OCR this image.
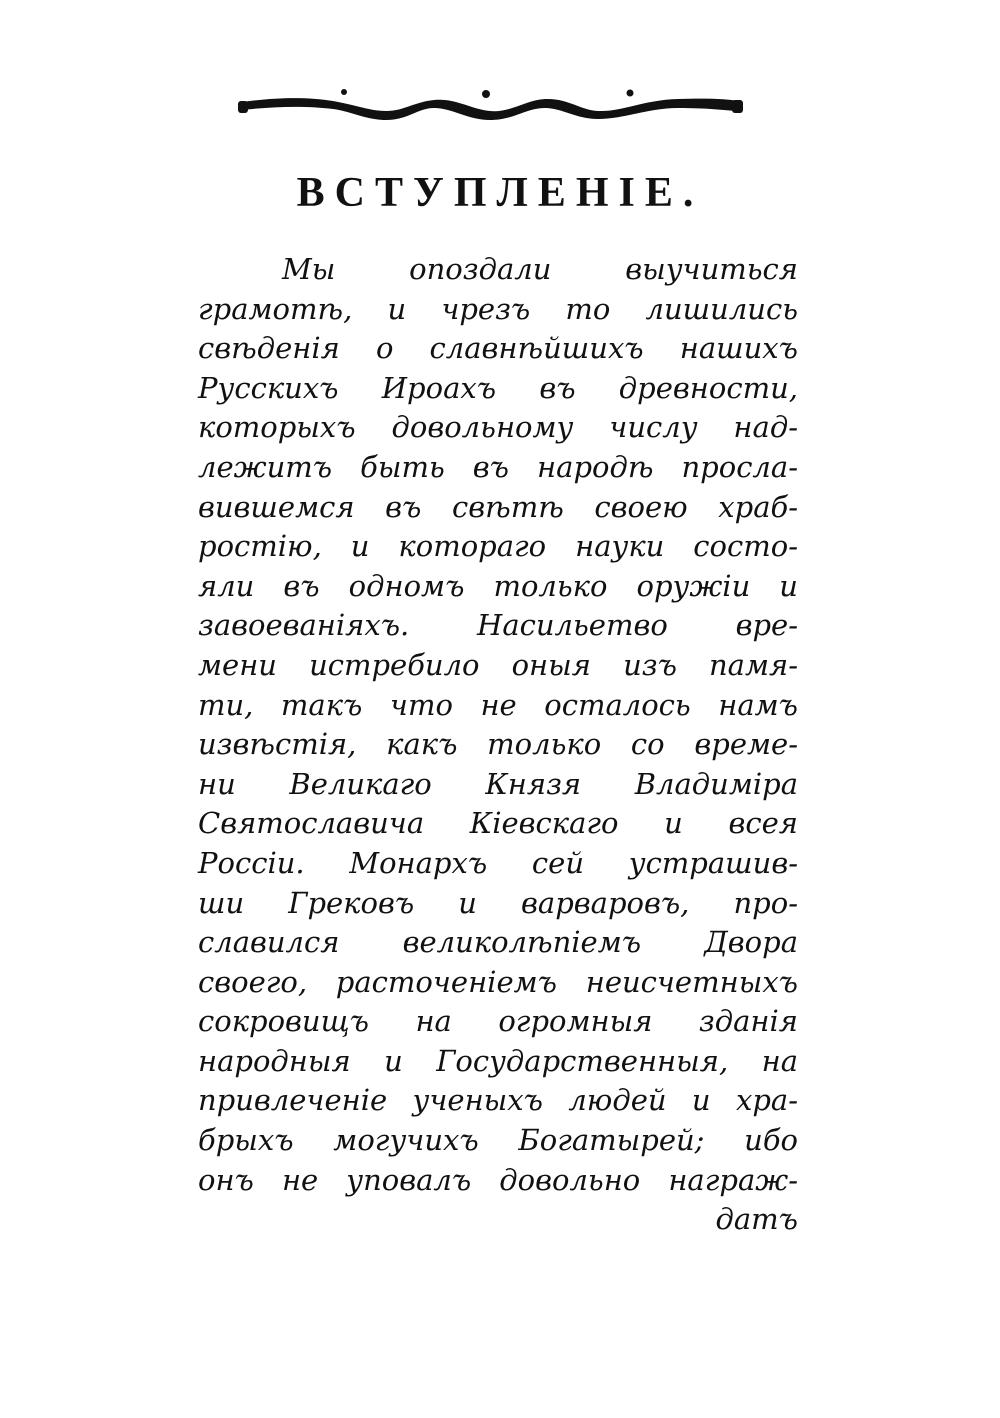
ВСТУПЛЕНІЕ.
Мы опоздали выучиться
грамотѣ, и чрезъ то лишились
свѣденія о славнѣйшихъ нашихъ
Русскихъ Ироахъ въ древности,
которыхъ довольному числу над-
лежитъ быть въ народѣ просла-
вившемся въ свѣтѣ своею храб-
ростію, и котораго науки состо-
яли въ одномъ только оружіи и
завоеваніяхъ. Насильетво вре-
мени истребило оныя изъ памя-
ти, такъ что не осталось намъ
извѣстія, какъ только со време-
ни Великаго Князя Владиміра
Святославича Кіевскаго и всея
Россіи. Монархъ сей устрашив-
ши Грековъ и варваровъ, про-
славился великолѣпіемъ Двора
своего, расточеніемъ неисчетныхъ
сокровищъ на огромныя зданія
народныя и Государственныя, на
привлеченіе ученыхъ людей и хра-
брыхъ могучихъ Богатырей; ибо
онъ не уповалъ довольно награж-
датъ
